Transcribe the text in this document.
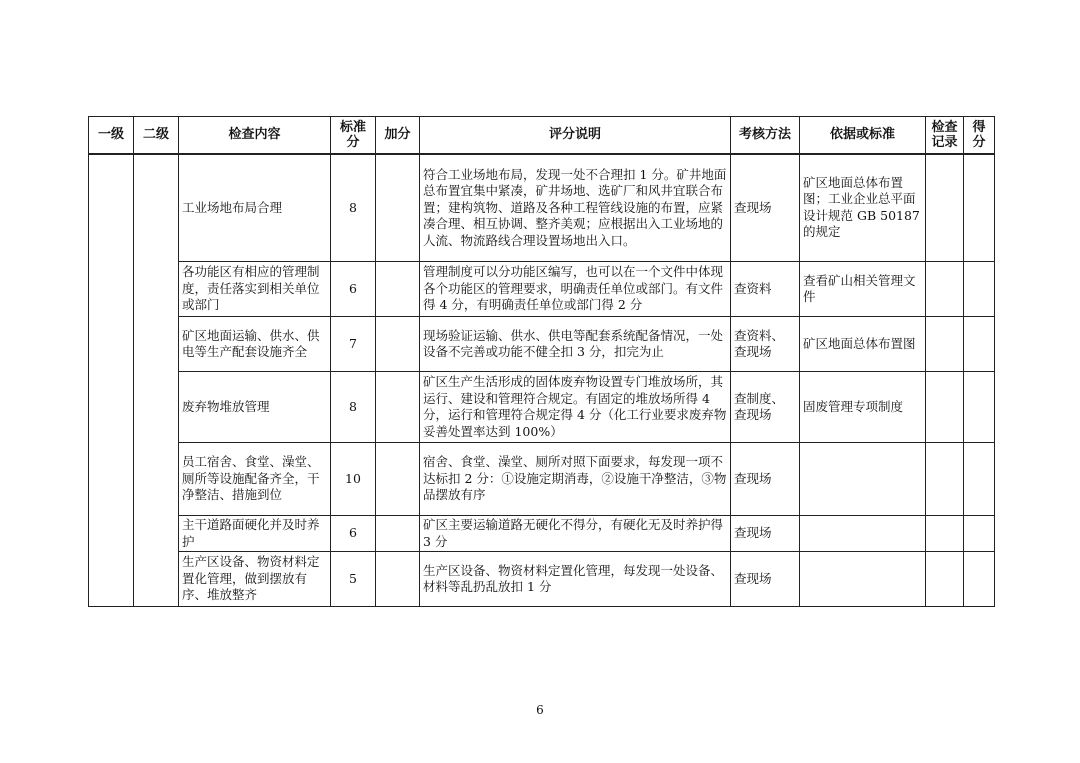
一级	二级	检查内容	标准分	加分	评分说明	考核方法	依据或标准	检查记录	得分
		工业场地布局合理	8		符合工业场地布局，发现一处不合理扣 1 分。矿井地面总布置宜集中紧凑，矿井场地、选矿厂和风井宜联合布置；建构筑物、道路及各种工程管线设施的布置，应紧凑合理、相互协调、整齐美观；应根据出入工业场地的人流、物流路线合理设置场地出入口。	查现场	矿区地面总体布置图；工业企业总平面设计规范 GB 50187 的规定		
		各功能区有相应的管理制度，责任落实到相关单位或部门	6		管理制度可以分功能区编写，也可以在一个文件中体现各个功能区的管理要求，明确责任单位或部门。有文件得 4 分，有明确责任单位或部门得 2 分	查资料	查看矿山相关管理文件		
		矿区地面运输、供水、供电等生产配套设施齐全	7		现场验证运输、供水、供电等配套系统配备情况，一处设备不完善或功能不健全扣 3 分，扣完为止	查资料、查现场	矿区地面总体布置图		
		废弃物堆放管理	8		矿区生产生活形成的固体废弃物设置专门堆放场所，其运行、建设和管理符合规定。有固定的堆放场所得 4 分，运行和管理符合规定得 4 分（化工行业要求废弃物妥善处置率达到 100%）	查制度、查现场	固废管理专项制度		
		员工宿舍、食堂、澡堂、厕所等设施配备齐全，干净整洁、措施到位	10		宿舍、食堂、澡堂、厕所对照下面要求，每发现一项不达标扣 2 分：①设施定期消毒，②设施干净整洁，③物品摆放有序	查现场			
		主干道路面硬化并及时养护	6		矿区主要运输道路无硬化不得分，有硬化无及时养护得 3 分	查现场			
		生产区设备、物资材料定置化管理，做到摆放有序、堆放整齐	5		生产区设备、物资材料定置化管理，每发现一处设备、材料等乱扔乱放扣 1 分	查现场			
6
